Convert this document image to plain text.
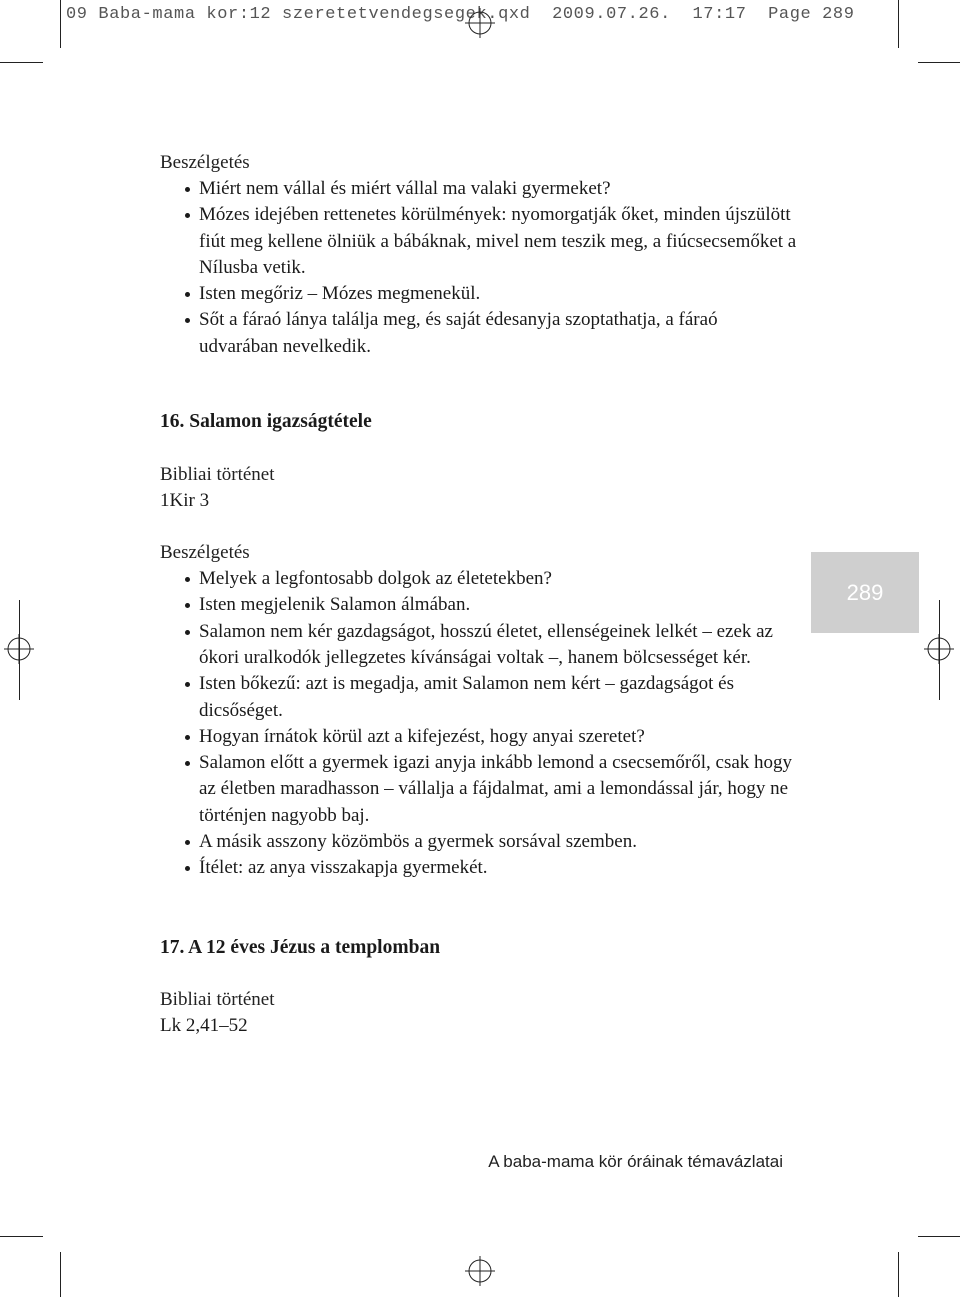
09 Baba-mama kor:12 szeretetvendegsegek.qxd  2009.07.26.  17:17  Page 289
Beszélgetés
Miért nem vállal és miért vállal ma valaki gyermeket?
Mózes idejében rettenetes körülmények: nyomorgatják őket, minden újszülött fiút meg kellene ölniük a bábáknak, mivel nem teszik meg, a fiúcsecsemőket a Nílusba vetik.
Isten megőriz – Mózes megmenekül.
Sőt a fáraó lánya találja meg, és saját édesanyja szoptathatja, a fáraó udvarában nevelkedik.
16. Salamon igazságtétele
Bibliai történet
1Kir 3
Beszélgetés
Melyek a legfontosabb dolgok az életetekben?
Isten megjelenik Salamon álmában.
Salamon nem kér gazdagságot, hosszú életet, ellenségeinek lelkét – ezek az ókori uralkodók jellegzetes kívánságai voltak –, hanem bölcsességet kér.
Isten bőkezű: azt is megadja, amit Salamon nem kért – gazdagságot és dicsőséget.
Hogyan írnátok körül azt a kifejezést, hogy anyai szeretet?
Salamon előtt a gyermek igazi anyja inkább lemond a csecsemőről, csak hogy az életben maradhasson – vállalja a fájdalmat, ami a lemondással jár, hogy ne történjen nagyobb baj.
A másik asszony közömbös a gyermek sorsával szemben.
Ítélet: az anya visszakapja gyermekét.
17. A 12 éves Jézus a templomban
Bibliai történet
Lk 2,41–52
289
A baba-mama kör óráinak témavázlatai
